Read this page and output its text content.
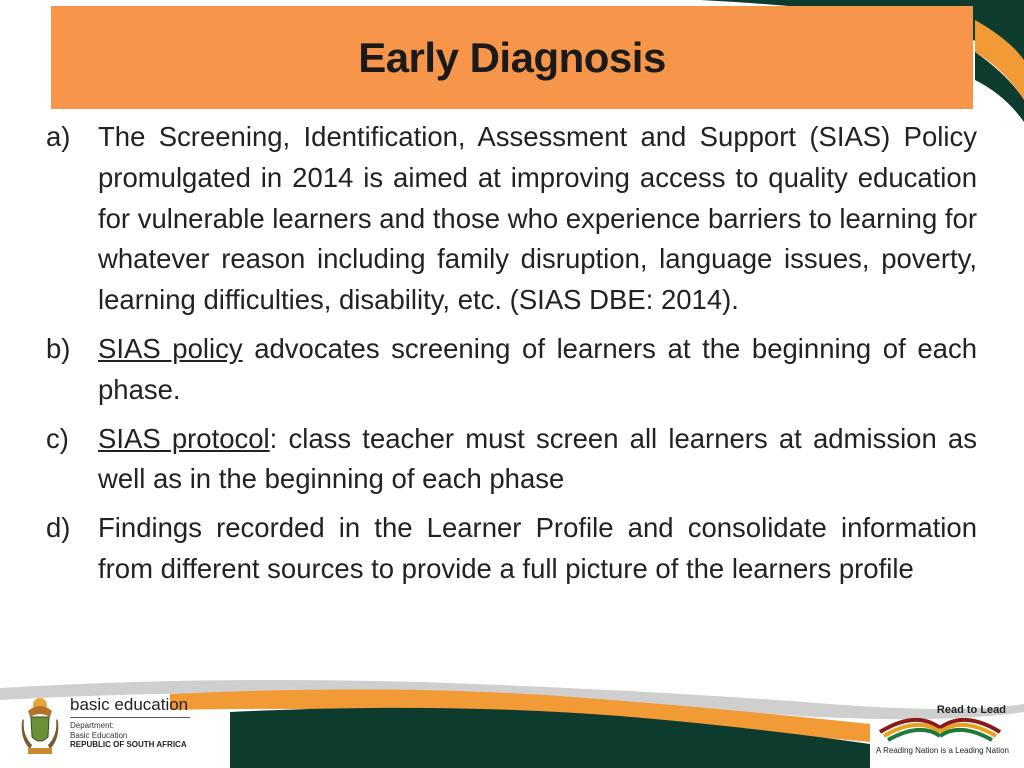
Early Diagnosis
a)	The Screening, Identification, Assessment and Support (SIAS) Policy promulgated in 2014 is aimed at improving access to quality education for vulnerable learners and those who experience barriers to learning for whatever reason including family disruption, language issues, poverty, learning difficulties, disability, etc. (SIAS DBE: 2014).
b)	SIAS policy advocates screening of learners at the beginning of each phase.
c)	SIAS protocol: class teacher must screen all learners at admission as well as in the beginning of each phase
d)	Findings recorded in the Learner Profile and consolidate information from different sources to provide a full picture of the learners profile
basic education
Department:
Basic Education
REPUBLIC OF SOUTH AFRICA
Read to Lead
A Reading Nation is a Leading Nation
